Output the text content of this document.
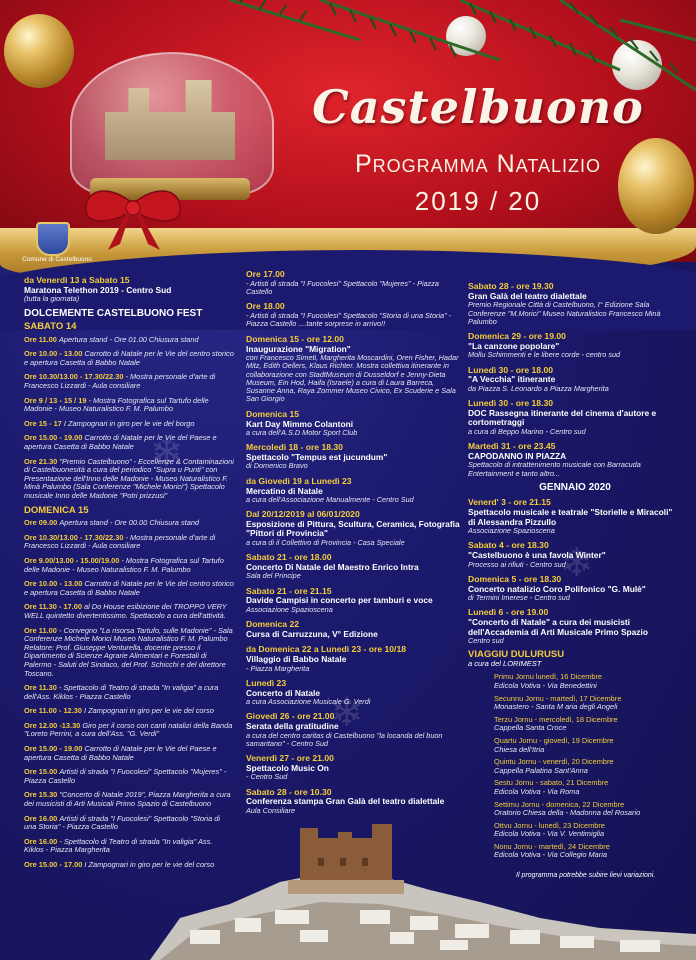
Castelbuono
Programma Natalizio
2019 / 20
Comune di Castelbuono
❄
❄
❄
da Venerdì 13 a Sabato 15
Maratona Telethon 2019 - Centro Sud
(tutta la giornata)
DOLCEMENTE CASTELBUONO FEST
SABATO 14
Ore 11.00 Apertura stand - Ore 01.00 Chiusura stand
Ore 10.00 - 13.00 Carrotto di Natale per le Vie del centro storico e apertura Casetta di Babbo Natale
Ore 10.30/13.00 - 17.30/22.30 - Mostra personale d'arte di Francesco Lizzardi - Aula consiliare
Ore 9 / 13 - 15 / 19 - Mostra Fotografica sul Tartufo delle Madonie - Museo Naturalistico F. M. Palumbo
Ore 15 - 17 I Zampognari in giro per le vie del borgo
Ore 15.00 - 19.00 Carrotto di Natale per le Vie del Paese e apertura Casetta di Babbo Natale
Ore 21.30 "Premio Castelbuono" - Eccellenze & Contaminazioni di Castelbuonesità a cura del periodico "Supra u Punti" con Presentazione dell'Inno delle Madonie - Museo Naturalistico F. Minà Palumbo (Sala Conferenze "Michele Morici") Spettacolo musicale Inno delle Madonie "Potri prizzusi"
DOMENICA 15
Ore 09.00 Apertura stand - Ore 00.00 Chiusura stand
Ore 10.30/13.00 - 17.30/22.30 - Mostra personale d'arte di Francesco Lizzardi - Aula consiliare
Ore 9.00/13.00 - 15.00/19.00 - Mostra Fotografica sul Tartufo delle Madonie - Museo Naturalistico F. M. Palumbo
Ore 10.00 - 13.00 Carrotto di Natale per le Vie del centro storico e apertura Casetta di Babbo Natale
Ore 11.30 - 17.00 al Do House esibizione dei TROPPO VERY WELL quintetto divertentissimo. Spettacolo a cura dell'attività.
Ore 11.00 - Convegno "La risorsa Tartufo, sulle Madonie" - Sala Conferenze Michele Morici Museo Naturalistico F. M. Palumbo Relatore: Prof. Giuseppe Venturella, docente presso il Dipartimento di Scienze Agrarie Alimentari e Forestali di Palermo - Saluti del Sindaco, del Prof. Schicchi e del direttore Toscano.
Ore 11.30 - Spettacolo di Teatro di strada "In valigia" a cura dell'Ass. Kiklos - Piazza Castello
Ore 11.00 - 12.30 I Zampognari in giro per le vie del corso
Ore 12.00 -13.30 Giro per il corso con canti natalizi della Banda "Loreto Perrini, a cura dell'Ass. "G. Verdi"
Ore 15.00 - 19.00 Carrotto di Natale per le Vie del Paese e apertura Casetta di Babbo Natale
Ore 15.00 Artisti di strada "I Fuocolesi" Spettacolo "Mujeres" - Piazza Castello
Ore 15.30 "Concerto di Natale 2019", Piazza Margherita a cura dei musicisti di Arti Musicali Primo Spazio di Castelbuono
Ore 16.00 Artisti di strada "I Fuocolesi" Spettacolo "Storia di una Storia" - Piazza Castello
Ore 16.00 - Spettacolo di Teatro di strada "In valigia" Ass. Kiklos - Piazza Margherita
Ore 15.00 - 17.00 I Zampognari in giro per le vie del corso
Ore 17.00
- Artisti di strada "I Fuocolesi" Spettacolo "Mujeres" - Piazza Castello
Ore 18.00
- Artisti di strada "I Fuocolesi" Spettacolo "Storia di una Storia" - Piazza Castello ....tante sorprese in arrivo!!
Domenica 15 - ore 12.00
Inaugurazione "Migration"
con Francesco Simeti, Margherita Moscardini, Oren Fisher, Hadar Mitz, Edith Oellers, Klaus Richter. Mostra collettiva itinerante in collaborazione con StadtMuseum di Dusseldorf e Jenny-Dieta Museum, Ein Hod, Haifa (Israele) a cura di Laura Barreca, Susanne Anna, Raya Zommer Museo Civico, Ex Scuderie e Sala San Giorgio
Domenica 15
Kart Day Mimmo Colantoni
a cura dell'A.S.D Motor Sport Club
Mercoledì 18 - ore 18.30
Spettacolo "Tempus est jucundum"
di Domenico Bravo
da Giovedì 19 a Lunedì 23
Mercatino di Natale
a cura dell'Associazione Manualmente - Centro Sud
Dal 20/12/2019 al 06/01/2020
Esposizione di Pittura, Scultura, Ceramica, Fotografia "Pittori di Provincia"
a cura di il Collettivo di Provincia - Casa Speciale
Sabato 21 - ore 18.00
Concerto Di Natale del Maestro Enrico Intra
Sala del Principe
Sabato 21 - ore 21.15
Davide Campisi in concerto per tamburi e voce
Associazione Spazioscena
Domenica 22
Cursa di Carruzzuna, V° Edizione
da Domenica 22 a Lunedì 23 - ore 10/18
Villaggio di Babbo Natale
- Piazza Margherita
Lunedì 23
Concerto di Natale
a cura Associazione Musicale G. Verdi
Giovedì 26 - ore 21.00
Serata della gratitudine
a cura del centro caritas di Castelbuono "la locanda del buon samaritano" - Centro Sud
Venerdì 27 - ore 21.00
Spettacolo Music On
- Centro Sud
Sabato 28 - ore 10.30
Conferenza stampa Gran Galà del teatro dialettale
Aula Consiliare
Sabato 28 - ore 19.30
Gran Galà del teatro dialettale
Premio Regionale Città di Castelbuono, I° Edizione Sala Conferenze "M.Morici" Museo Naturalistico Francesco Minà Palumbo
Domenica 29 - ore 19.00
"La canzone popolare"
Mollu Schimmenti e le libere corde - centro sud
Lunedì 30 - ore 18.00
"A Vecchia" itinerante
da Piazza S. Leonardo a Piazza Margherita
Lunedì 30 - ore 18.30
DOC Rassegna itinerante del cinema d'autore e cortometraggi
a cura di Beppo Marino - Centro sud
Martedì 31 - ore 23.45
CAPODANNO IN PIAZZA
Spettacolo di intrattenimento musicale con Barracuda Entertainment e tanto altro...
GENNAIO 2020
Venerd' 3 - ore 21.15
Spettacolo musicale e teatrale "Storielle e Miracoli" di Alessandra Pizzullo
Associazione Spazioscena
Sabato 4 - ore 18.30
"Castelbuono è una favola Winter"
Processo ai rifiuti - Centro sud
Domenica 5 - ore 18.30
Concerto natalizio Coro Polifonico "G. Mulè"
di Termini Imerese - Centro sud
Lunedì 6 - ore 19.00
"Concerto di Natale" a cura dei musicisti dell'Accademia di Arti Musicale Primo Spazio
Centro sud
VIAGGIU DULURUSU
a cura del LORIMEST
Primu Jornu lunedì, 16 Dicembre
Edicola Votiva - Via Benedettini
Secunnu Jornu - martedì, 17 Dicembre
Monastero - Santa M aria degli Angeli
Terzu Jornu - mercoledì, 18 Dicembre
Cappella Santa Croce
Quartu Jornu - giovedì, 19 Dicembre
Chiesa dell'Itria
Quintu Jornu - venerdì, 20 Dicembre
Cappella Palatina Sant'Anna
Sestu Jornu - sabato, 21 Dicembre
Edicola Votiva - Via Roma
Settimu Jornu - domenica, 22 Dicembre
Oratorio Chiesa della - Madonna del Rosario
Ottvu Jornu - lunedì, 23 Dicembre
Edicola Votiva - Via V. Ventimiglia
Nonu Jornu - martedì, 24 Dicembre
Edicola Votiva - Via Collegio Maria
Il programma potrebbe subire lievi variazioni.
